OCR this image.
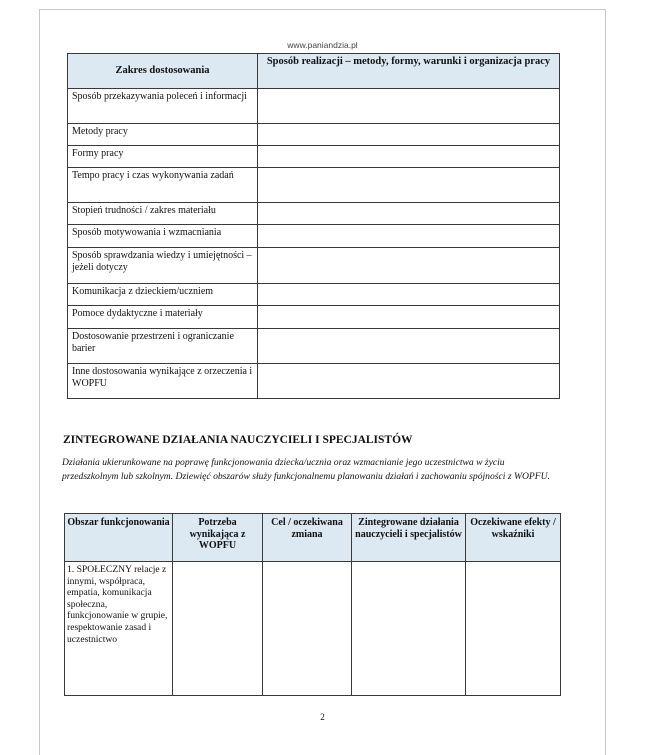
www.paniandzia.pl
Zakres dostosowania	Sposób realizacji – metody, formy, warunki i organizacja pracy
Sposób przekazywania poleceń i informacji	
Metody pracy	
Formy pracy	
Tempo pracy i czas wykonywania zadań	
Stopień trudności / zakres materiału	
Sposób motywowania i wzmacniania	
Sposób sprawdzania wiedzy i umiejętności – jeżeli dotyczy	
Komunikacja z dzieckiem/uczniem	
Pomoce dydaktyczne i materiały	
Dostosowanie przestrzeni i ograniczanie barier	
Inne dostosowania wynikające z orzeczenia i WOPFU	
ZINTEGROWANE DZIAŁANIA NAUCZYCIELI I SPECJALISTÓW
Działania ukierunkowane na poprawę funkcjonowania dziecka/ucznia oraz wzmacnianie jego uczestnictwa w życiu przedszkolnym lub szkolnym. Dziewięć obszarów służy funkcjonalnemu planowaniu działań i zachowaniu spójności z WOPFU.
Obszar funkcjonowania	Potrzeba wynikająca z WOPFU	Cel / oczekiwana zmiana	Zintegrowane działania nauczycieli i specjalistów	Oczekiwane efekty / wskaźniki
1. SPOŁECZNY relacje z innymi, współpraca, empatia, komunikacja społeczna, funkcjonowanie w grupie, respektowanie zasad i uczestnictwo				
2
